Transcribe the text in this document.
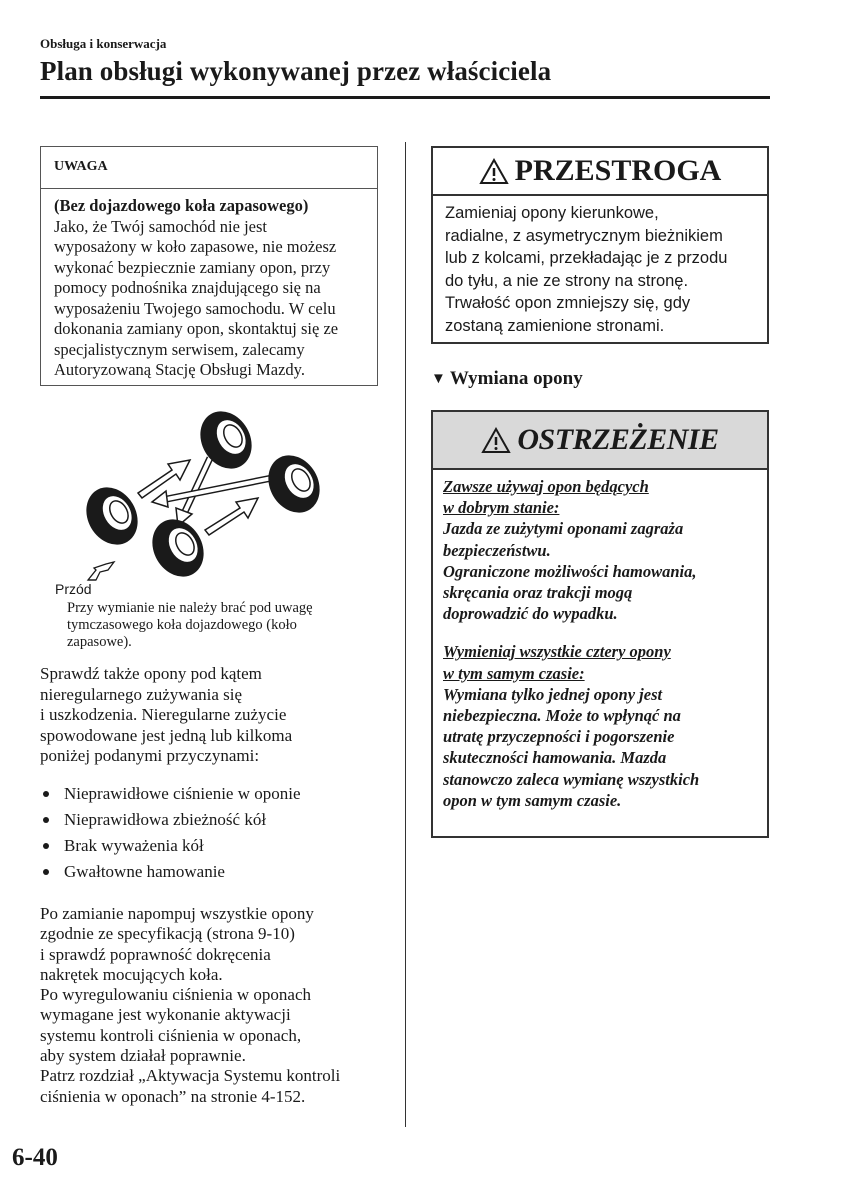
Obsługa i konserwacja
Plan obsługi wykonywanej przez właściciela
UWAGA
(Bez dojazdowego koła zapasowego)
Jako, że Twój samochód nie jest
wyposażony w koło zapasowe, nie możesz
wykonać bezpiecznie zamiany opon, przy
pomocy podnośnika znajdującego się na
wyposażeniu Twojego samochodu. W celu
dokonania zamiany opon, skontaktuj się ze
specjalistycznym serwisem, zalecamy
Autoryzowaną Stację Obsługi Mazdy.
Przód
Przy wymianie nie należy brać pod uwagę
tymczasowego koła dojazdowego (koło
zapasowe).
Sprawdź także opony pod kątem
nieregularnego zużywania się
i uszkodzenia. Nieregularne zużycie
spowodowane jest jedną lub kilkoma
poniżej podanymi przyczynami:
Nieprawidłowe ciśnienie w oponie
Nieprawidłowa zbieżność kół
Brak wyważenia kół
Gwałtowne hamowanie
Po zamianie napompuj wszystkie opony
zgodnie ze specyfikacją (strona 9-10)
i sprawdź poprawność dokręcenia
nakrętek mocujących koła.
Po wyregulowaniu ciśnienia w oponach
wymagane jest wykonanie aktywacji
systemu kontroli ciśnienia w oponach,
aby system działał poprawnie.
Patrz rozdział „Aktywacja Systemu kontroli
ciśnienia w oponach” na stronie 4-152.
6-40
PRZESTROGA
Zamieniaj opony kierunkowe,
radialne, z asymetrycznym bieżnikiem
lub z kolcami, przekładając je z przodu
do tyłu, a nie ze strony na stronę.
Trwałość opon zmniejszy się, gdy
zostaną zamienione stronami.
▼ Wymiana opony
OSTRZEŻENIE
Zawsze używaj opon będących
w dobrym stanie:
Jazda ze zużytymi oponami zagraża
bezpieczeństwu.
Ograniczone możliwości hamowania,
skręcania oraz trakcji mogą
doprowadzić do wypadku.
Wymieniaj wszystkie cztery opony
w tym samym czasie:
Wymiana tylko jednej opony jest
niebezpieczna. Może to wpłynąć na
utratę przyczepności i pogorszenie
skuteczności hamowania. Mazda
stanowczo zaleca wymianę wszystkich
opon w tym samym czasie.
